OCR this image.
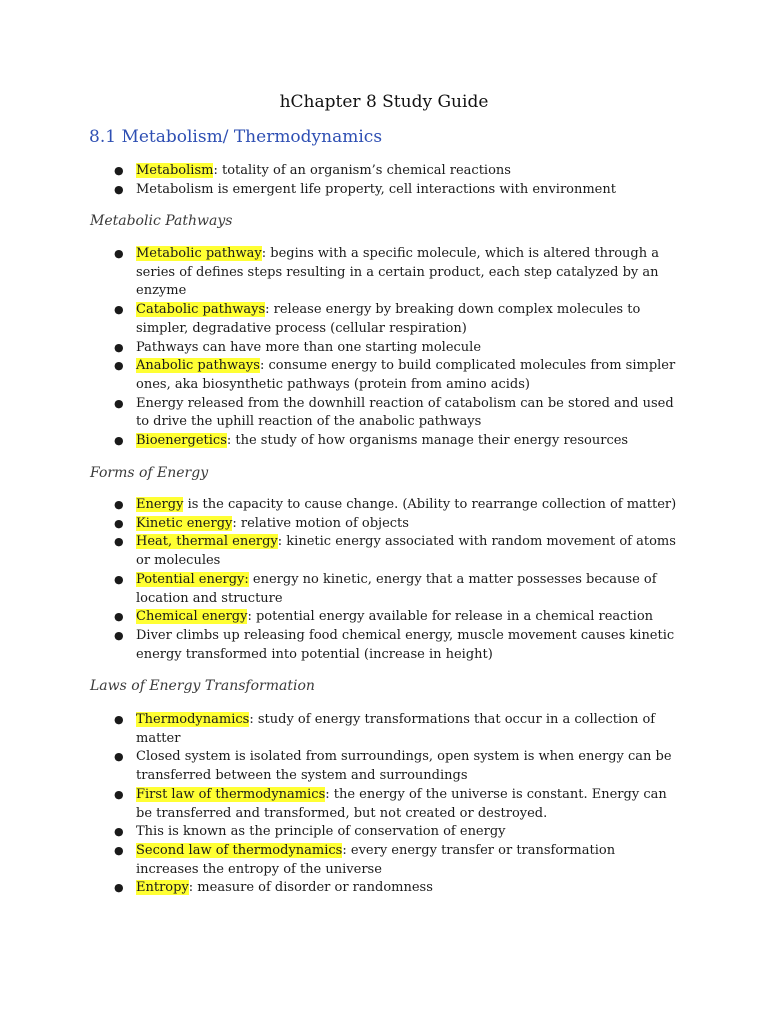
hChapter 8 Study Guide
8.1 Metabolism/ Thermodynamics
● Metabolism: totality of an organism’s chemical reactions
● Metabolism is emergent life property, cell interactions with environment

Metabolic Pathways

● Metabolic pathway: begins with a specific molecule, which is altered through a series of defines steps resulting in a certain product, each step catalyzed by an enzyme
● Catabolic pathways: release energy by breaking down complex molecules to simpler, degradative process (cellular respiration)
● Pathways can have more than one starting molecule
● Anabolic pathways: consume energy to build complicated molecules from simpler ones, aka biosynthetic pathways (protein from amino acids)
● Energy released from the downhill reaction of catabolism can be stored and used to drive the uphill reaction of the anabolic pathways
● Bioenergetics: the study of how organisms manage their energy resources

Forms of Energy

● Energy is the capacity to cause change. (Ability to rearrange collection of matter)
● Kinetic energy: relative motion of objects
● Heat, thermal energy: kinetic energy associated with random movement of atoms or molecules
● Potential energy: energy no kinetic, energy that a matter possesses because of location and structure
● Chemical energy: potential energy available for release in a chemical reaction
● Diver climbs up releasing food chemical energy, muscle movement causes kinetic energy transformed into potential (increase in height)

Laws of Energy Transformation

● Thermodynamics: study of energy transformations that occur in a collection of matter
● Closed system is isolated from surroundings, open system is when energy can be transferred between the system and surroundings
● First law of thermodynamics: the energy of the universe is constant. Energy can be transferred and transformed, but not created or destroyed.
● This is known as the principle of conservation of energy
● Second law of thermodynamics: every energy transfer or transformation increases the entropy of the universe
● Entropy: measure of disorder or randomness
